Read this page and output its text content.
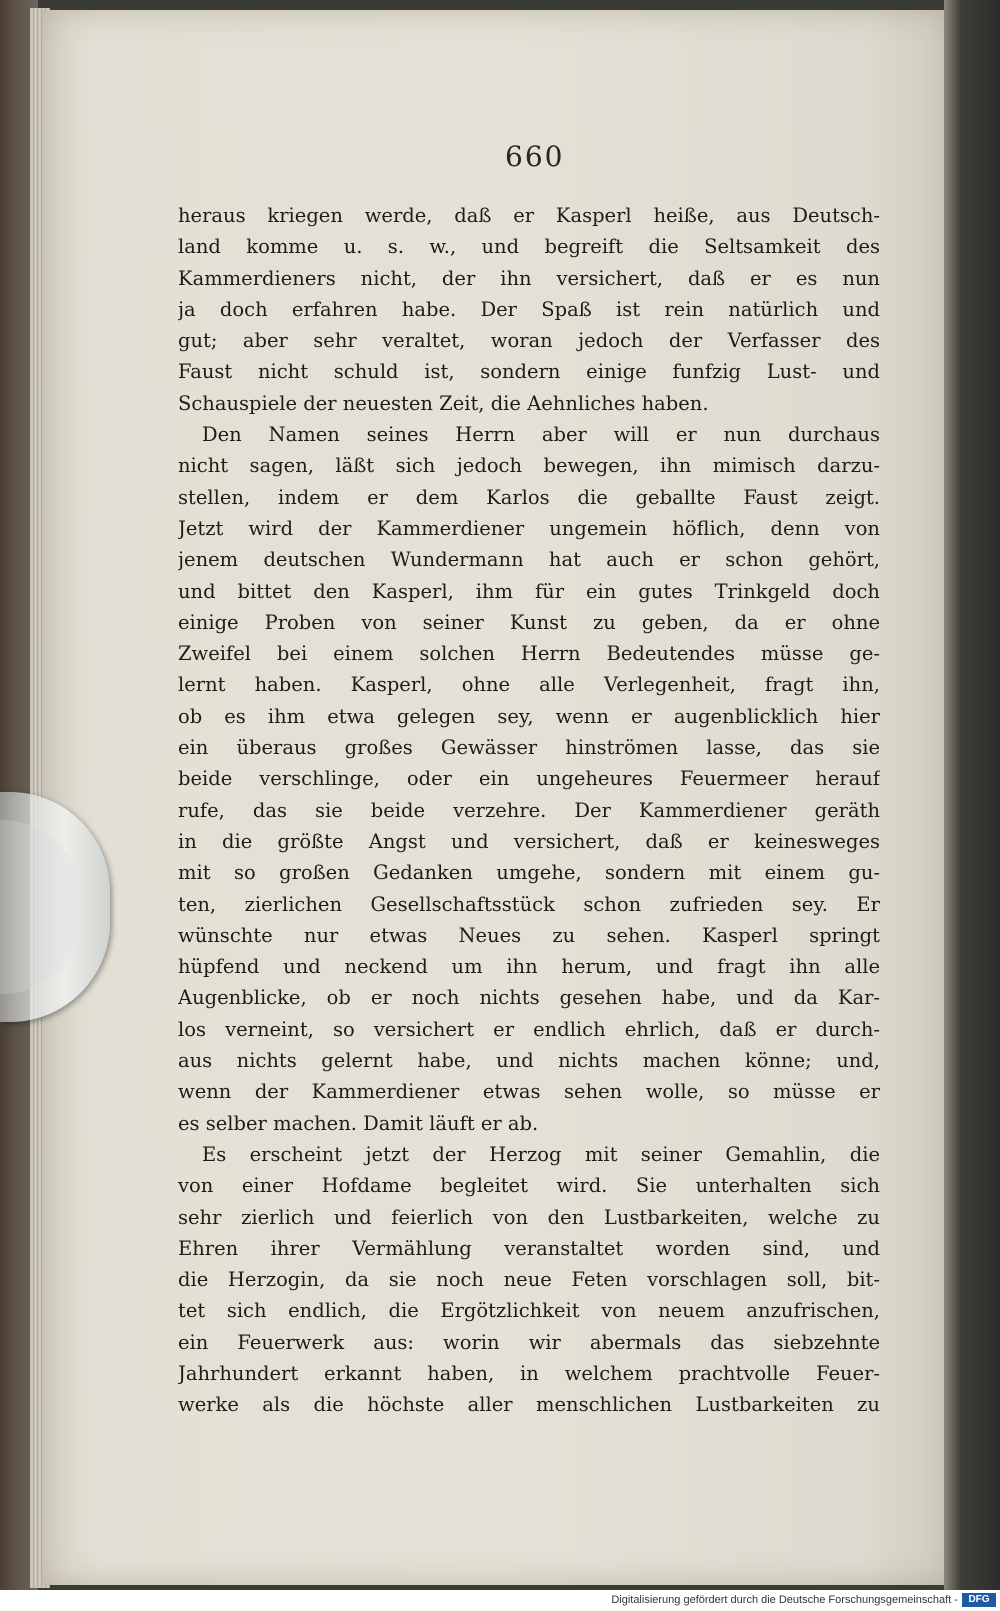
660
heraus kriegen werde, daß er Kasperl heiße, aus Deutsch-
land komme u. s. w., und begreift die Seltsamkeit des
Kammerdieners nicht, der ihn versichert, daß er es nun
ja doch erfahren habe. Der Spaß ist rein natürlich und
gut; aber sehr veraltet, woran jedoch der Verfasser des
Faust nicht schuld ist, sondern einige funfzig Lust- und
Schauspiele der neuesten Zeit, die Aehnliches haben.
Den Namen seines Herrn aber will er nun durchaus
nicht sagen, läßt sich jedoch bewegen, ihn mimisch darzu-
stellen, indem er dem Karlos die geballte Faust zeigt.
Jetzt wird der Kammerdiener ungemein höflich, denn von
jenem deutschen Wundermann hat auch er schon gehört,
und bittet den Kasperl, ihm für ein gutes Trinkgeld doch
einige Proben von seiner Kunst zu geben, da er ohne
Zweifel bei einem solchen Herrn Bedeutendes müsse ge-
lernt haben. Kasperl, ohne alle Verlegenheit, fragt ihn,
ob es ihm etwa gelegen sey, wenn er augenblicklich hier
ein überaus großes Gewässer hinströmen lasse, das sie
beide verschlinge, oder ein ungeheures Feuermeer herauf
rufe, das sie beide verzehre. Der Kammerdiener geräth
in die größte Angst und versichert, daß er keinesweges
mit so großen Gedanken umgehe, sondern mit einem gu-
ten, zierlichen Gesellschaftsstück schon zufrieden sey. Er
wünschte nur etwas Neues zu sehen. Kasperl springt
hüpfend und neckend um ihn herum, und fragt ihn alle
Augenblicke, ob er noch nichts gesehen habe, und da Kar-
los verneint, so versichert er endlich ehrlich, daß er durch-
aus nichts gelernt habe, und nichts machen könne; und,
wenn der Kammerdiener etwas sehen wolle, so müsse er
es selber machen. Damit läuft er ab.
Es erscheint jetzt der Herzog mit seiner Gemahlin, die
von einer Hofdame begleitet wird. Sie unterhalten sich
sehr zierlich und feierlich von den Lustbarkeiten, welche zu
Ehren ihrer Vermählung veranstaltet worden sind, und
die Herzogin, da sie noch neue Feten vorschlagen soll, bit-
tet sich endlich, die Ergötzlichkeit von neuem anzufrischen,
ein Feuerwerk aus: worin wir abermals das siebzehnte
Jahrhundert erkannt haben, in welchem prachtvolle Feuer-
werke als die höchste aller menschlichen Lustbarkeiten zu
Digitalisierung gefördert durch die Deutsche Forschungsgemeinschaft -	DFG
